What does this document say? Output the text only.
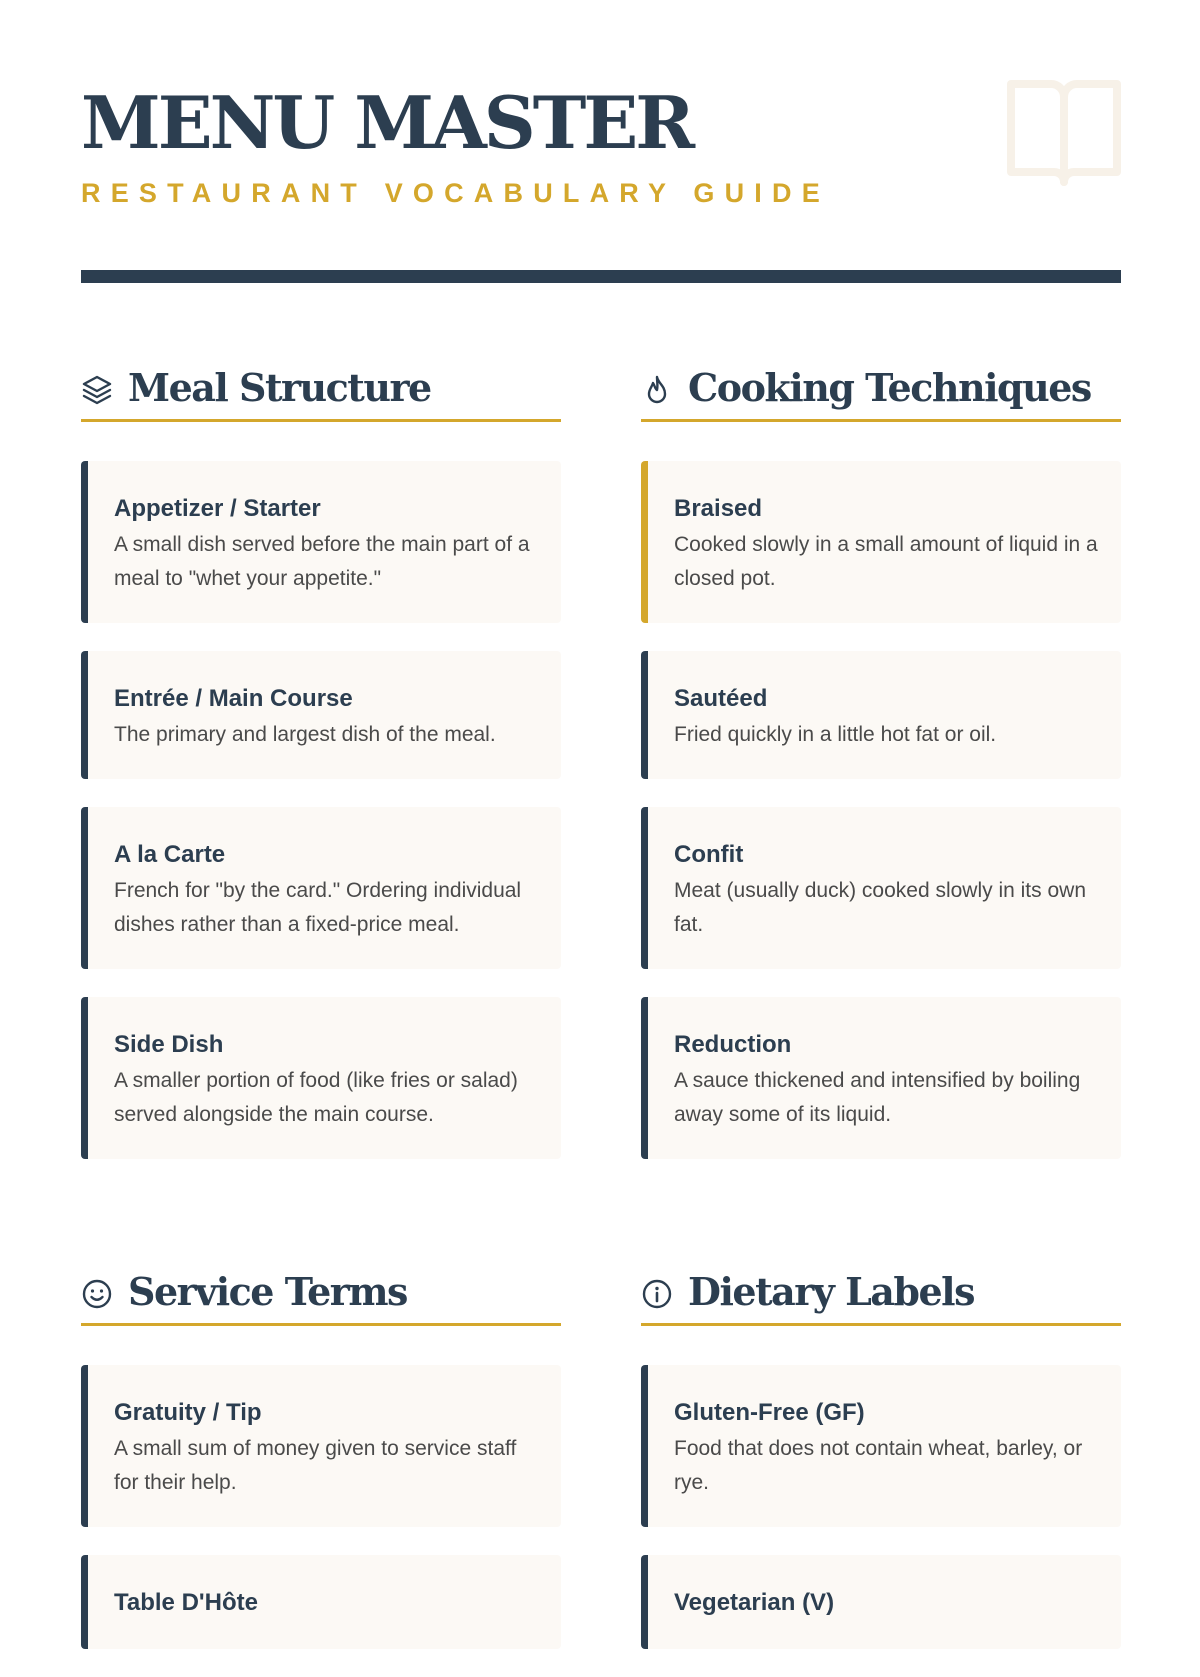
MENU MASTER
RESTAURANT VOCABULARY GUIDE
Meal Structure
Appetizer / Starter
A small dish served before the main part of a meal to "whet your appetite."
Entrée / Main Course
The primary and largest dish of the meal.
A la Carte
French for "by the card." Ordering individual dishes rather than a fixed-price meal.
Side Dish
A smaller portion of food (like fries or salad) served alongside the main course.
Cooking Techniques
Braised
Cooked slowly in a small amount of liquid in a closed pot.
Sautéed
Fried quickly in a little hot fat or oil.
Confit
Meat (usually duck) cooked slowly in its own fat.
Reduction
A sauce thickened and intensified by boiling away some of its liquid.
Service Terms
Gratuity / Tip
A small sum of money given to service staff for their help.
Table D'Hôte
Dietary Labels
Gluten-Free (GF)
Food that does not contain wheat, barley, or rye.
Vegetarian (V)
